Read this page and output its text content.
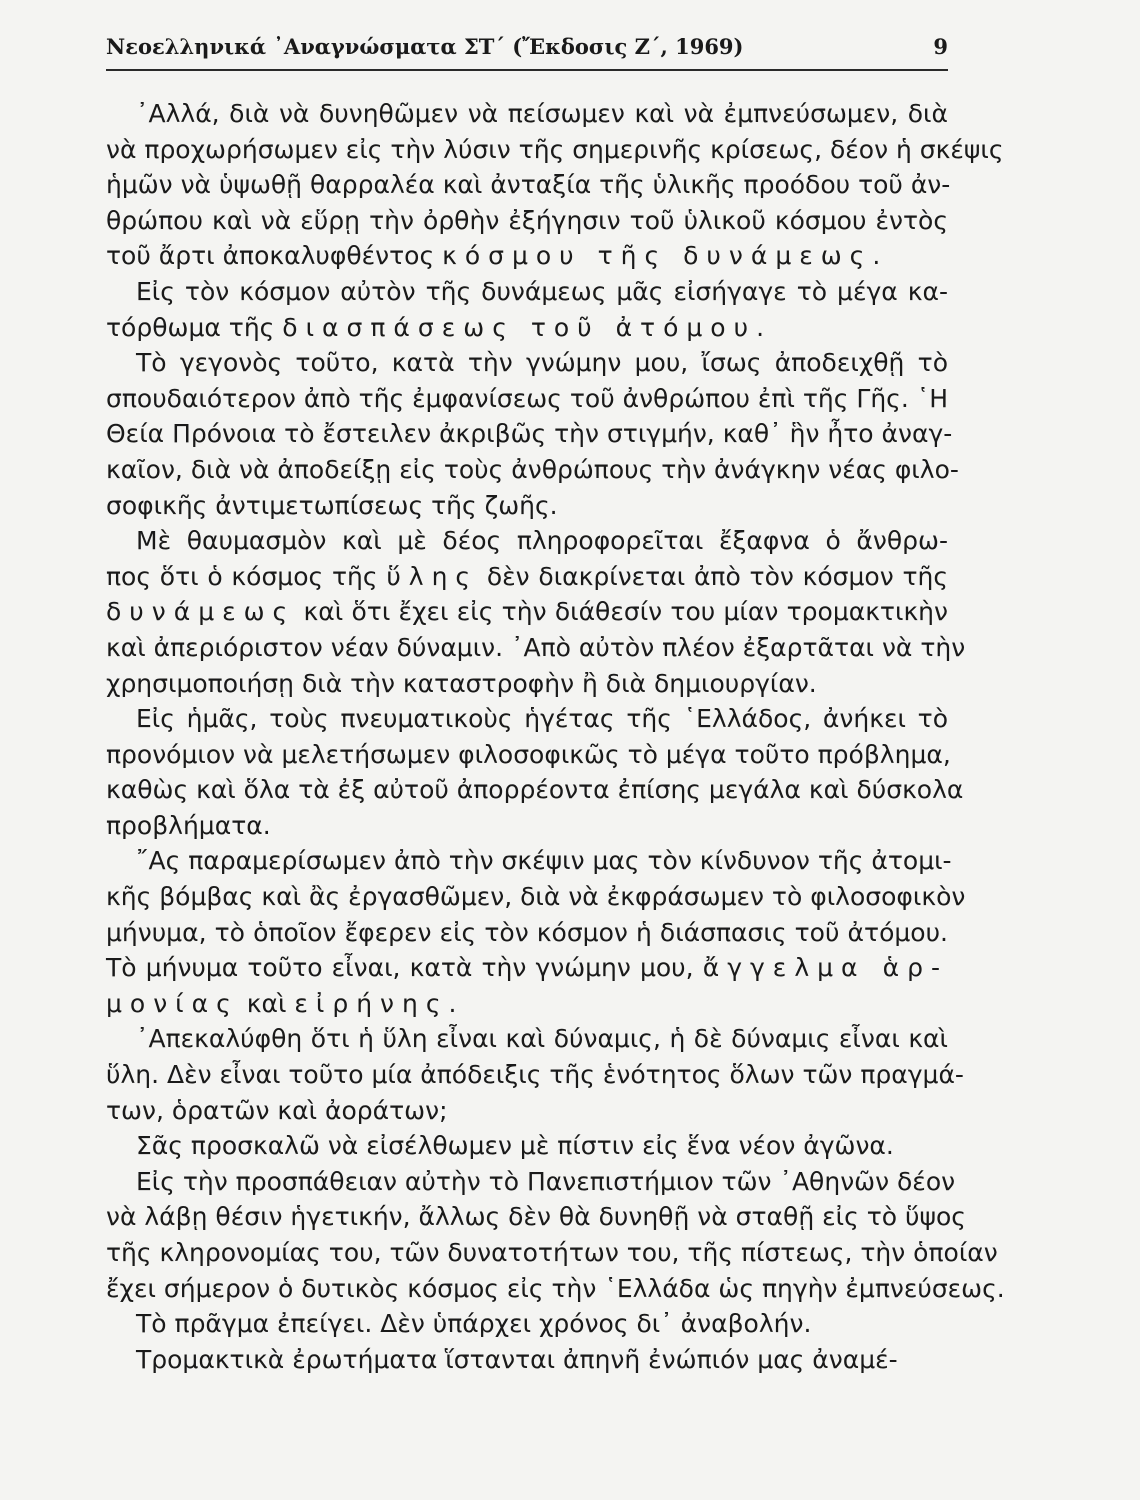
Νεοελληνικά ᾿Αναγνώσματα ΣΤ΄ (Ἔκδοσις Ζ΄, 1969)	9
᾿Αλλά, διὰ νὰ δυνηθῶμεν νὰ πείσωμεν καὶ νὰ ἐμπνεύσωμεν, διὰ
νὰ προχωρήσωμεν εἰς τὴν λύσιν τῆς σημερινῆς κρίσεως, δέον ἡ σκέψις
ἡμῶν νὰ ὑψωθῇ θαρραλέα καὶ ἀνταξία τῆς ὑλικῆς προόδου τοῦ ἀν-
θρώπου καὶ νὰ εὕρῃ τὴν ὀρθὴν ἐξήγησιν τοῦ ὑλικοῦ κόσμου ἐντὸς
τοῦ ἄρτι ἀποκαλυφθέντος κόσμου τῆς δυνάμεως.
Εἰς τὸν κόσμον αὐτὸν τῆς δυνάμεως μᾶς εἰσήγαγε τὸ μέγα κα-
τόρθωμα τῆς διασπάσεως τοῦ ἀτόμου.
Τὸ γεγονὸς τοῦτο, κατὰ τὴν γνώμην μου, ἴσως ἀποδειχθῇ τὸ
σπουδαιότερον ἀπὸ τῆς ἐμφανίσεως τοῦ ἀνθρώπου ἐπὶ τῆς Γῆς. ῾Η
Θεία Πρόνοια τὸ ἔστειλεν ἀκριβῶς τὴν στιγμήν, καθ᾿ ἣν ἦτο ἀναγ-
καῖον, διὰ νὰ ἀποδείξῃ εἰς τοὺς ἀνθρώπους τὴν ἀνάγκην νέας φιλο-
σοφικῆς ἀντιμετωπίσεως τῆς ζωῆς.
Μὲ θαυμασμὸν καὶ μὲ δέος πληροφορεῖται ἔξαφνα ὁ ἄνθρω-
πος ὅτι ὁ κόσμος τῆς ὕλης δὲν διακρίνεται ἀπὸ τὸν κόσμον τῆς
δυνάμεως καὶ ὅτι ἔχει εἰς τὴν διάθεσίν του μίαν τρομακτικὴν
καὶ ἀπεριόριστον νέαν δύναμιν. ᾿Απὸ αὐτὸν πλέον ἐξαρτᾶται νὰ τὴν
χρησιμοποιήσῃ διὰ τὴν καταστροφὴν ἢ διὰ δημιουργίαν.
Εἰς ἡμᾶς, τοὺς πνευματικοὺς ἡγέτας τῆς ῾Ελλάδος, ἀνήκει τὸ
προνόμιον νὰ μελετήσωμεν φιλοσοφικῶς τὸ μέγα τοῦτο πρόβλημα,
καθὼς καὶ ὅλα τὰ ἐξ αὐτοῦ ἀπορρέοντα ἐπίσης μεγάλα καὶ δύσκολα
προβλήματα.
῎Ας παραμερίσωμεν ἀπὸ τὴν σκέψιν μας τὸν κίνδυνον τῆς ἀτομι-
κῆς βόμβας καὶ ἂς ἐργασθῶμεν, διὰ νὰ ἐκφράσωμεν τὸ φιλοσοφικὸν
μήνυμα, τὸ ὁποῖον ἔφερεν εἰς τὸν κόσμον ἡ διάσπασις τοῦ ἀτόμου.
Τὸ μήνυμα τοῦτο εἶναι, κατὰ τὴν γνώμην μου, ἄγγελμα ἁρ-
μονίας καὶ εἰρήνης.
᾿Απεκαλύφθη ὅτι ἡ ὕλη εἶναι καὶ δύναμις, ἡ δὲ δύναμις εἶναι καὶ
ὕλη. Δὲν εἶναι τοῦτο μία ἀπόδειξις τῆς ἑνότητος ὅλων τῶν πραγμά-
των, ὁρατῶν καὶ ἀοράτων;
Σᾶς προσκαλῶ νὰ εἰσέλθωμεν μὲ πίστιν εἰς ἕνα νέον ἀγῶνα.
Εἰς τὴν προσπάθειαν αὐτὴν τὸ Πανεπιστήμιον τῶν ᾿Αθηνῶν δέον
νὰ λάβῃ θέσιν ἡγετικήν, ἄλλως δὲν θὰ δυνηθῇ νὰ σταθῇ εἰς τὸ ὕψος
τῆς κληρονομίας του, τῶν δυνατοτήτων του, τῆς πίστεως, τὴν ὁποίαν
ἔχει σήμερον ὁ δυτικὸς κόσμος εἰς τὴν ῾Ελλάδα ὡς πηγὴν ἐμπνεύσεως.
Τὸ πρᾶγμα ἐπείγει. Δὲν ὑπάρχει χρόνος δι᾿ ἀναβολήν.
Τρομακτικὰ ἐρωτήματα ἵστανται ἀπηνῆ ἐνώπιόν μας ἀναμέ-
